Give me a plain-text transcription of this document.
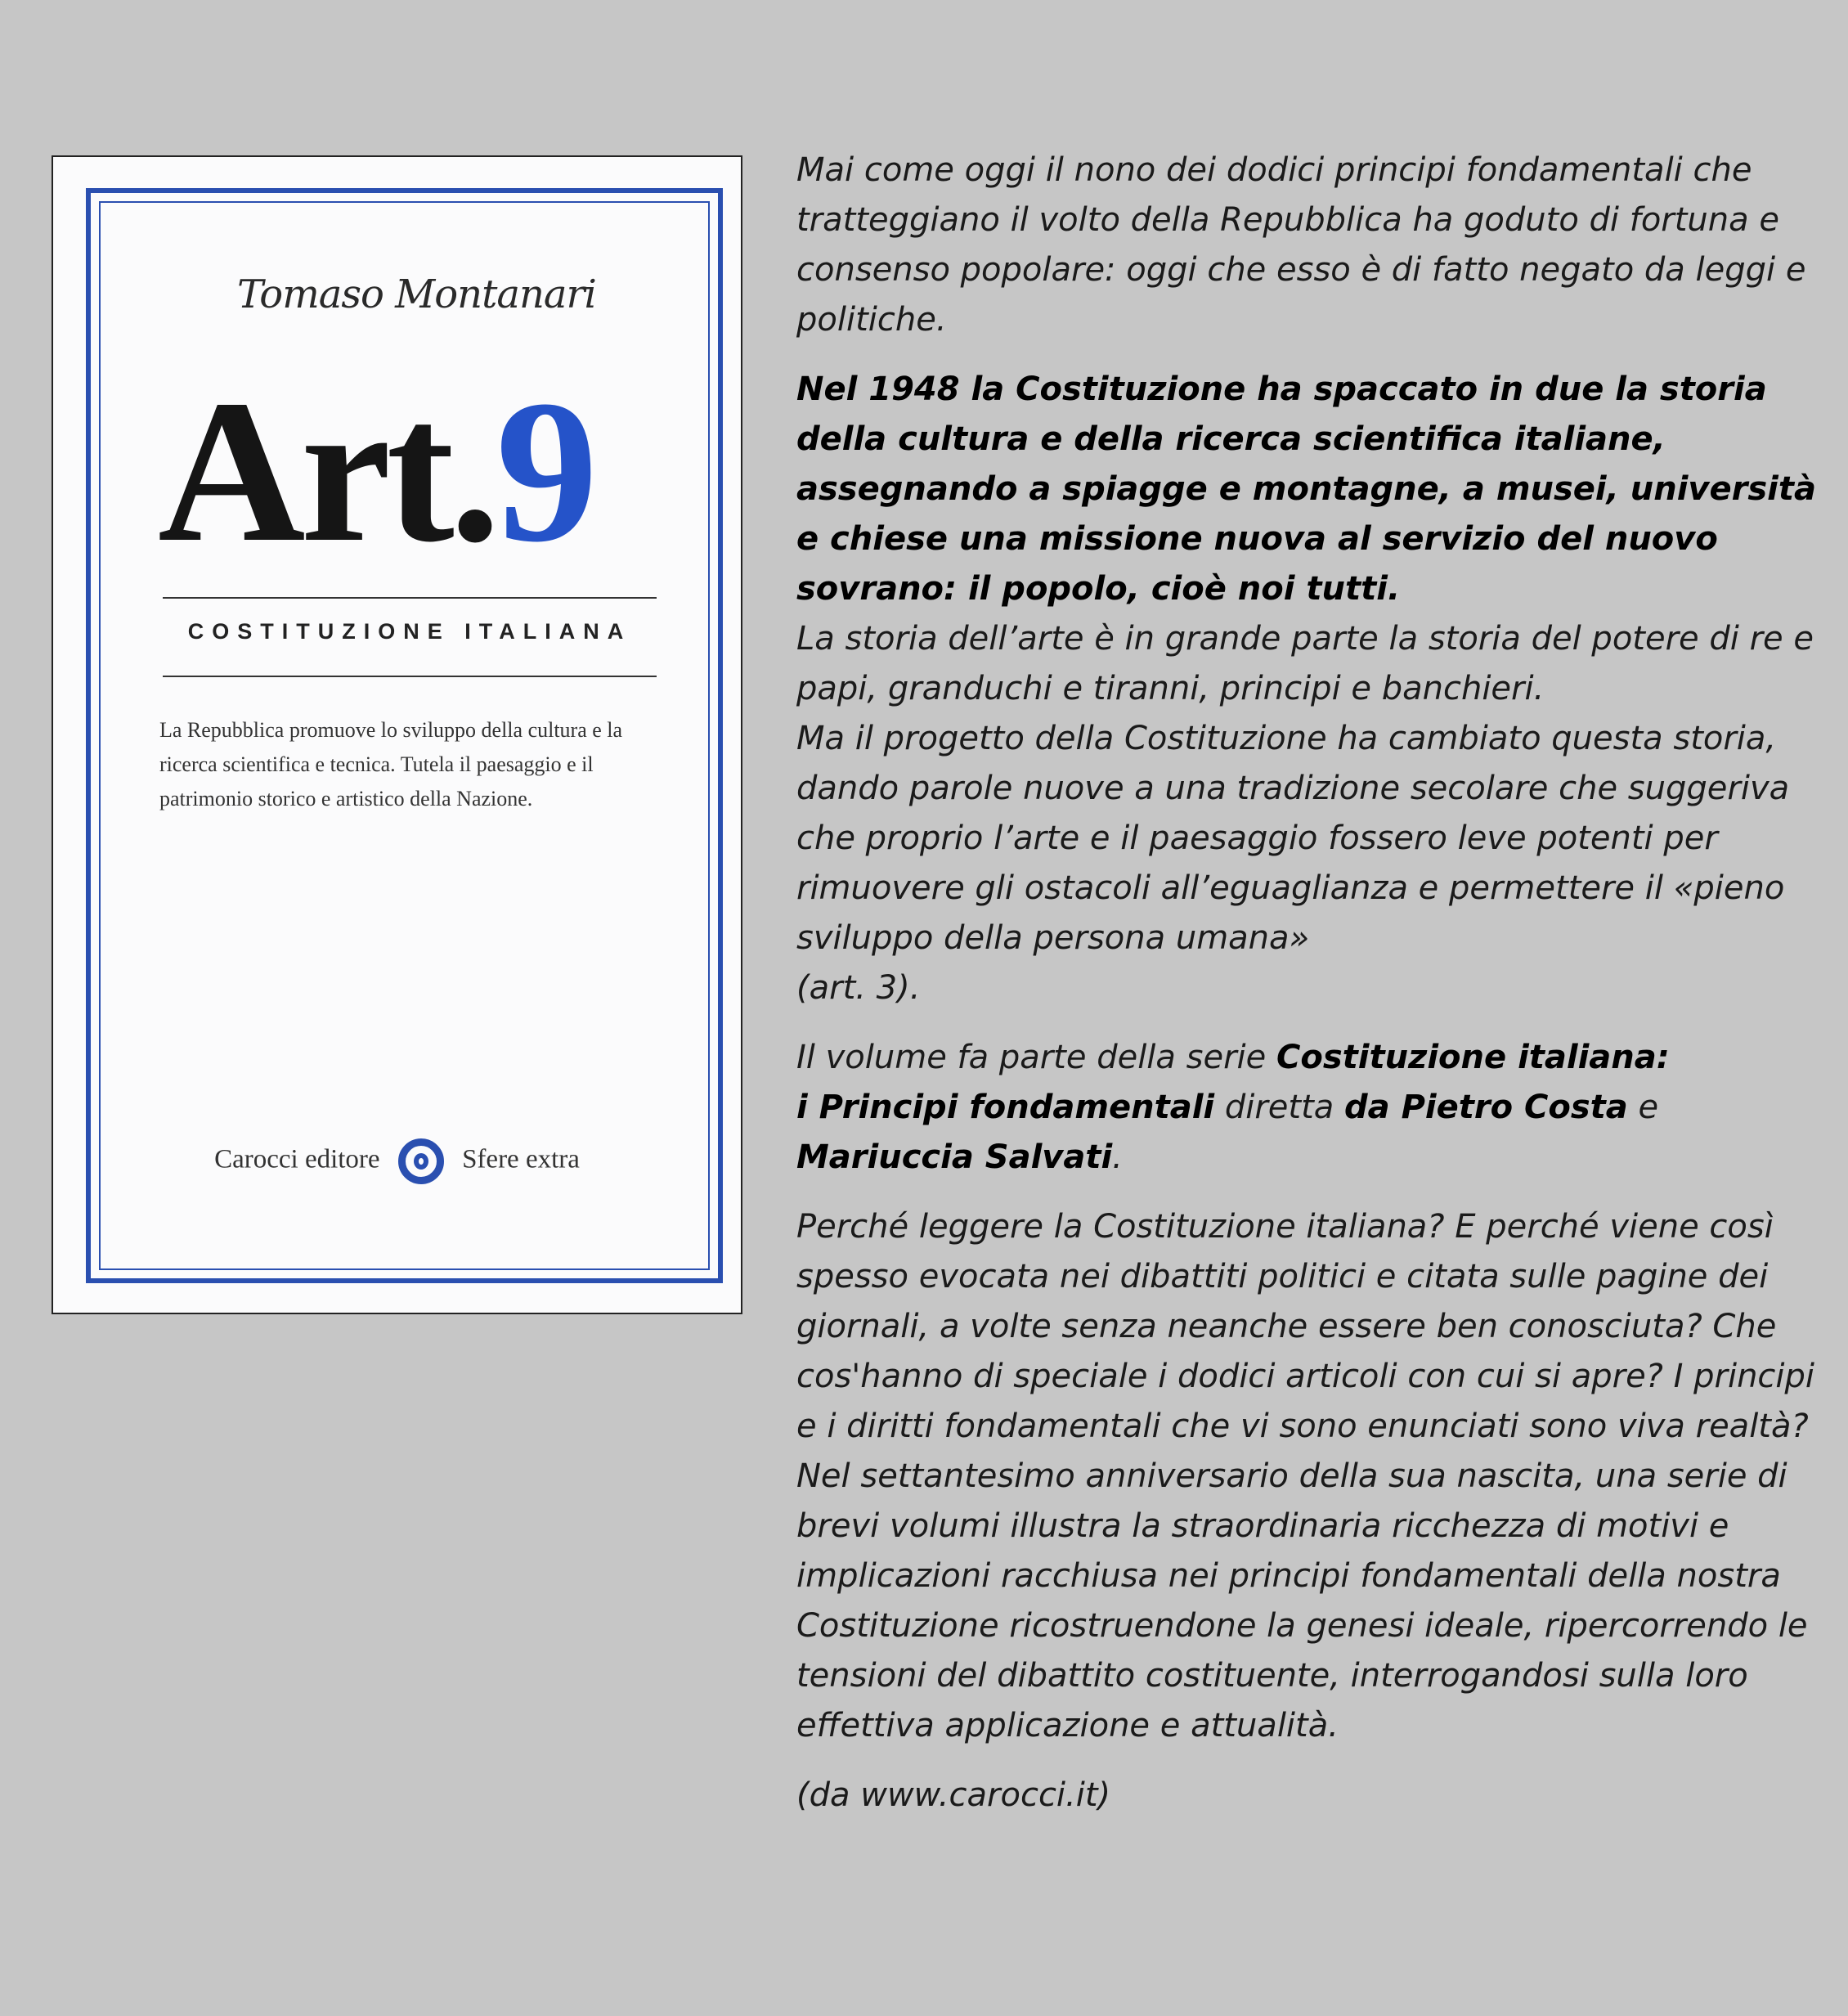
Tomaso Montanari
Art.9
COSTITUZIONE ITALIANA
La Repubblica promuove lo sviluppo della cultura e la ricerca scientifica e tecnica. Tutela il paesaggio e il patrimonio storico e artistico della Nazione.
Carocci editore	Sfere extra

Mai come oggi il nono dei dodici principi fondamentali che tratteggiano il volto della Repubblica ha goduto di fortuna e consenso popolare: oggi che esso è di fatto negato da leggi e politiche.

Nel 1948 la Costituzione ha spaccato in due la storia della cultura e della ricerca scientifica italiane, assegnando a spiagge e montagne, a musei, università e chiese una missione nuova al servizio del nuovo sovrano: il popolo, cioè noi tutti.

La storia dell’arte è in grande parte la storia del potere di re e papi, granduchi e tiranni, principi e banchieri.

Ma il progetto della Costituzione ha cambiato questa storia, dando parole nuove a una tradizione secolare che suggeriva che proprio l’arte e il paesaggio fossero leve potenti per rimuovere gli ostacoli all’eguaglianza e permettere il «pieno sviluppo della persona umana»

(art. 3).

Il volume fa parte della serie Costituzione italiana:
i Principi fondamentali diretta da Pietro Costa e
Mariuccia Salvati.

Perché leggere la Costituzione italiana? E perché viene così spesso evocata nei dibattiti politici e citata sulle pagine dei giornali, a volte senza neanche essere ben conosciuta? Che cos'hanno di speciale i dodici articoli con cui si apre? I principi e i diritti fondamentali che vi sono enunciati sono viva realtà? Nel settantesimo anniversario della sua nascita, una serie di brevi volumi illustra la straordinaria ricchezza di motivi e implicazioni racchiusa nei principi fondamentali della nostra Costituzione ricostruendone la genesi ideale, ripercorrendo le tensioni del dibattito costituente, interrogandosi sulla loro effettiva applicazione e attualità.

(da www.carocci.it)
